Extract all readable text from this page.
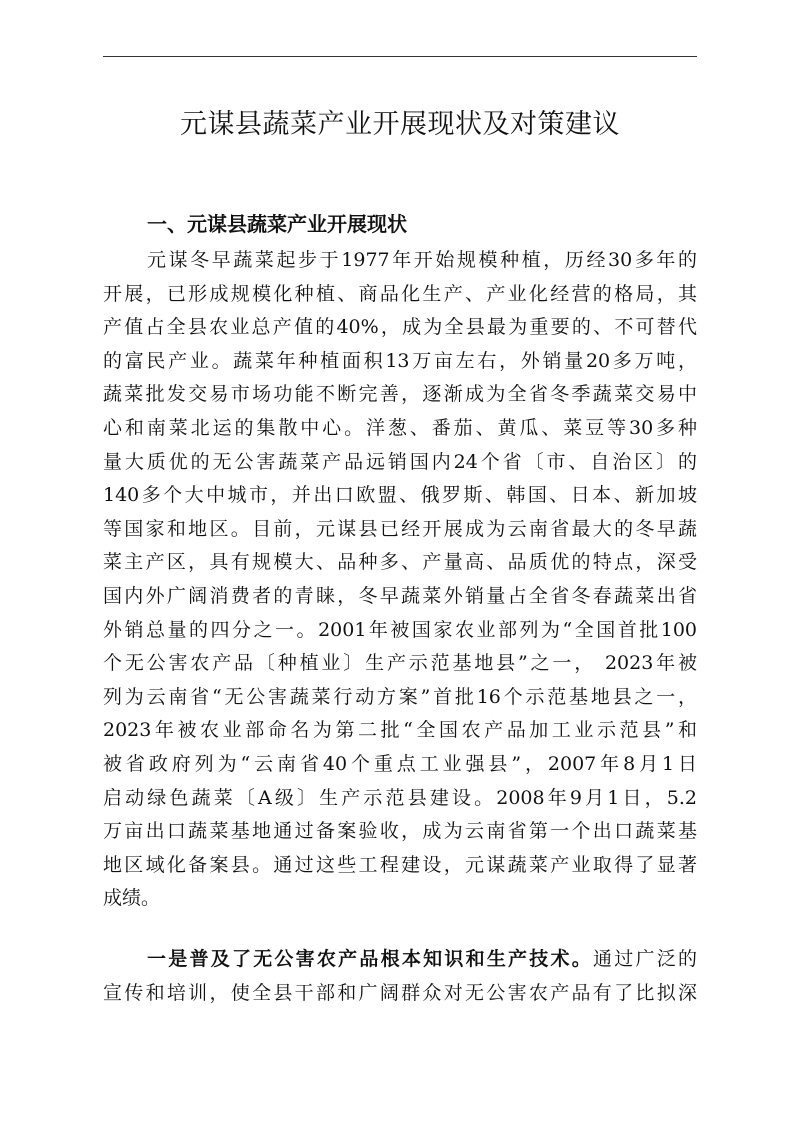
元谋县蔬菜产业开展现状及对策建议
一、元谋县蔬菜产业开展现状
元谋冬早蔬菜起步于1977年开始规模种植，历经30多年的
开展，已形成规模化种植、商品化生产、产业化经营的格局，其
产值占全县农业总产值的40%，成为全县最为重要的、不可替代
的富民产业。蔬菜年种植面积13万亩左右，外销量20多万吨，
蔬菜批发交易市场功能不断完善，逐渐成为全省冬季蔬菜交易中
心和南菜北运的集散中心。洋葱、番茄、黄瓜、菜豆等30多种
量大质优的无公害蔬菜产品远销国内24个省〔市、自治区〕的
140多个大中城市，并出口欧盟、俄罗斯、韩国、日本、新加坡
等国家和地区。目前，元谋县已经开展成为云南省最大的冬早蔬
菜主产区，具有规模大、品种多、产量高、品质优的特点，深受
国内外广阔消费者的青睐，冬早蔬菜外销量占全省冬春蔬菜出省
外销总量的四分之一。2001年被国家农业部列为“全国首批100
个无公害农产品〔种植业〕生产示范基地县”之一， 2023年被
列为云南省“无公害蔬菜行动方案”首批16个示范基地县之一，
2023年被农业部命名为第二批“全国农产品加工业示范县”和
被省政府列为“云南省40个重点工业强县”，2007年8月1日
启动绿色蔬菜〔A级〕生产示范县建设。2008年9月1日，5.2
万亩出口蔬菜基地通过备案验收，成为云南省第一个出口蔬菜基
地区域化备案县。通过这些工程建设，元谋蔬菜产业取得了显著
成绩。
一是普及了无公害农产品根本知识和生产技术。通过广泛的
宣传和培训，使全县干部和广阔群众对无公害农产品有了比拟深
